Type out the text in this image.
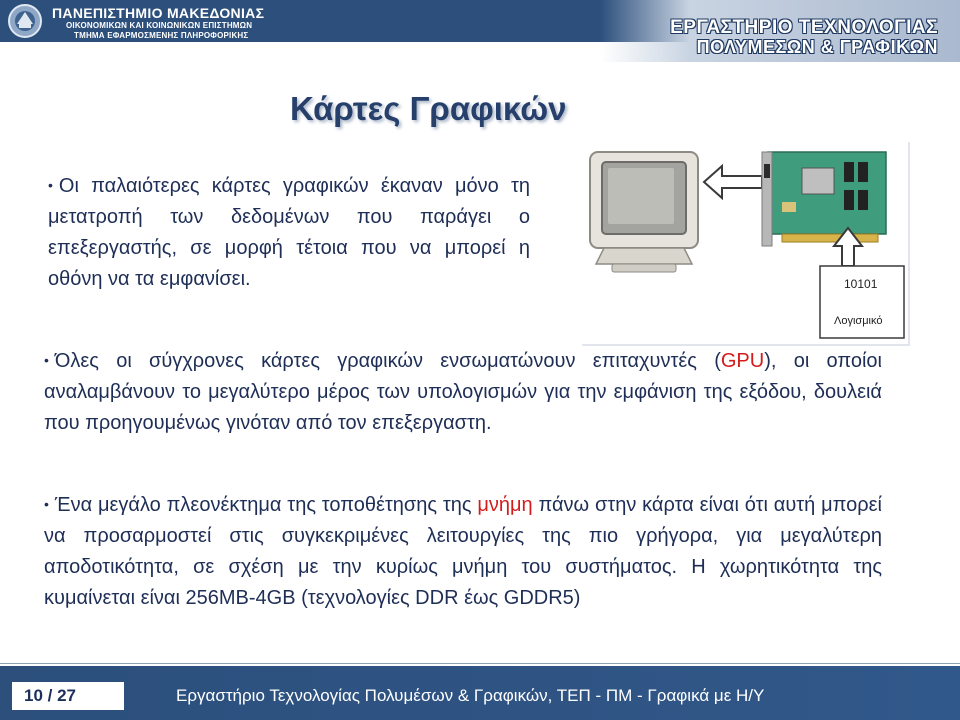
ΠΑΝΕΠΙΣΤΗΜΙΟ ΜΑΚΕΔΟΝΙΑΣ
ΟΙΚΟΝΟΜΙΚΩΝ ΚΑΙ ΚΟΙΝΩΝΙΚΩΝ ΕΠΙΣΤΗΜΩΝ
ΤΜΗΜΑ ΕΦΑΡΜΟΣΜΕΝΗΣ ΠΛΗΡΟΦΟΡΙΚΗΣ	ΕΡΓΑΣΤΗΡΙΟ ΤΕΧΝΟΛΟΓΙΑΣ
ΠΟΛΥΜΕΣΩΝ & ΓΡΑΦΙΚΩΝ
Κάρτες Γραφικών
10101
Λογισμικό
• Οι παλαιότερες κάρτες γραφικών έκαναν μόνο τη μετατροπή των δεδομένων που παράγει ο επεξεργαστής, σε μορφή τέτοια που να μπορεί η οθόνη να τα εμφανίσει.
• Όλες οι σύγχρονες κάρτες γραφικών ενσωματώνουν επιταχυντές (GPU), οι οποίοι αναλαμβάνουν το μεγαλύτερο μέρος των υπολογισμών για την εμφάνιση της εξόδου, δουλειά που προηγουμένως γινόταν από τον επεξεργαστη.
• Ένα μεγάλο πλεονέκτημα της τοποθέτησης της μνήμη πάνω στην κάρτα είναι ότι αυτή μπορεί να προσαρμοστεί στις συγκεκριμένες λειτουργίες της πιο γρήγορα, για μεγαλύτερη αποδοτικότητα, σε σχέση με την κυρίως μνήμη του συστήματος. Η χωρητικότητα της κυμαίνεται είναι 256MB-4GB (τεχνολογίες DDR έως GDDR5)
10 / 27	Εργαστήριο Τεχνολογίας Πολυμέσων & Γραφικών, ΤΕΠ - ΠΜ - Γραφικά με Η/Υ
